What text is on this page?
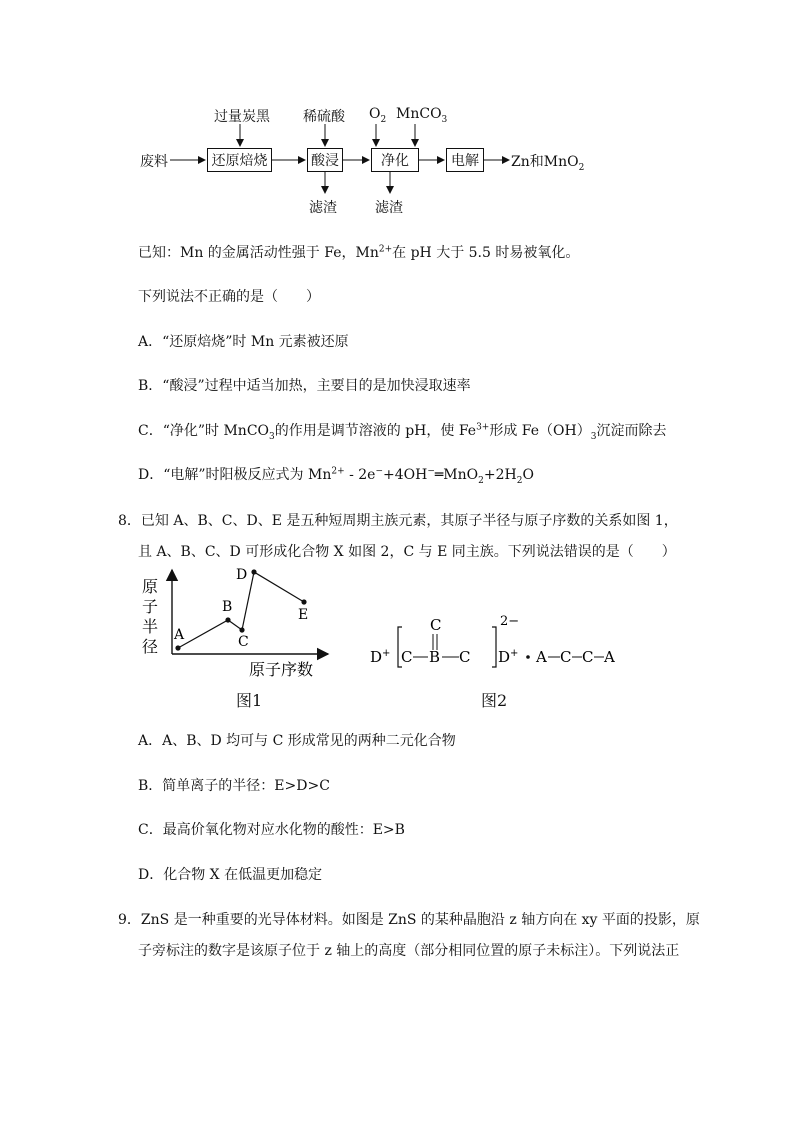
过量炭黑 稀硫酸 $O_2$ MnCO$_3$
废料	还原焙烧	酸浸	净化	电解	Zn和MnO$_2$
滤渣	滤渣
已知：Mn 的金属活动性强于 Fe，$Mn^{2+}$在 pH 大于 5.5 时易被氧化。
下列说法不正确的是（　　）
A．“还原焙烧”时 Mn 元素被还原
B．“酸浸”过程中适当加热，主要目的是加快浸取速率
C．“净化”时 MnCO$_3$的作用是调节溶液的 pH，使 $Fe^{3+}$形成 $Fe(OH)_3$沉淀而除去
D．“电解”时阳极反应式为 $Mn^{2+}$ - $2e^-+4OH^-═MnO_2+2H_2O$
8．已知 A、B、C、D、E 是五种短周期主族元素，其原子半径与原子序数的关系如图 1，
且 A、B、C、D 可形成化合物 X 如图 2，C 与 E 同主族。下列说法错误的是（　　）
原
子
半
径
原子序数
A
B
C
D
E
图1
D+
2−
C
C B C D+ A C C A
图2
A．A、B、D 均可与 C 形成常见的两种二元化合物
B．简单离子的半径：E>D>C
C．最高价氧化物对应水化物的酸性：E>B
D．化合物 X 在低温更加稳定
9．ZnS 是一种重要的光导体材料。如图是 ZnS 的某种晶胞沿 z 轴方向在 xy 平面的投影，原
子旁标注的数字是该原子位于 z 轴上的高度（部分相同位置的原子未标注）。下列说法正
